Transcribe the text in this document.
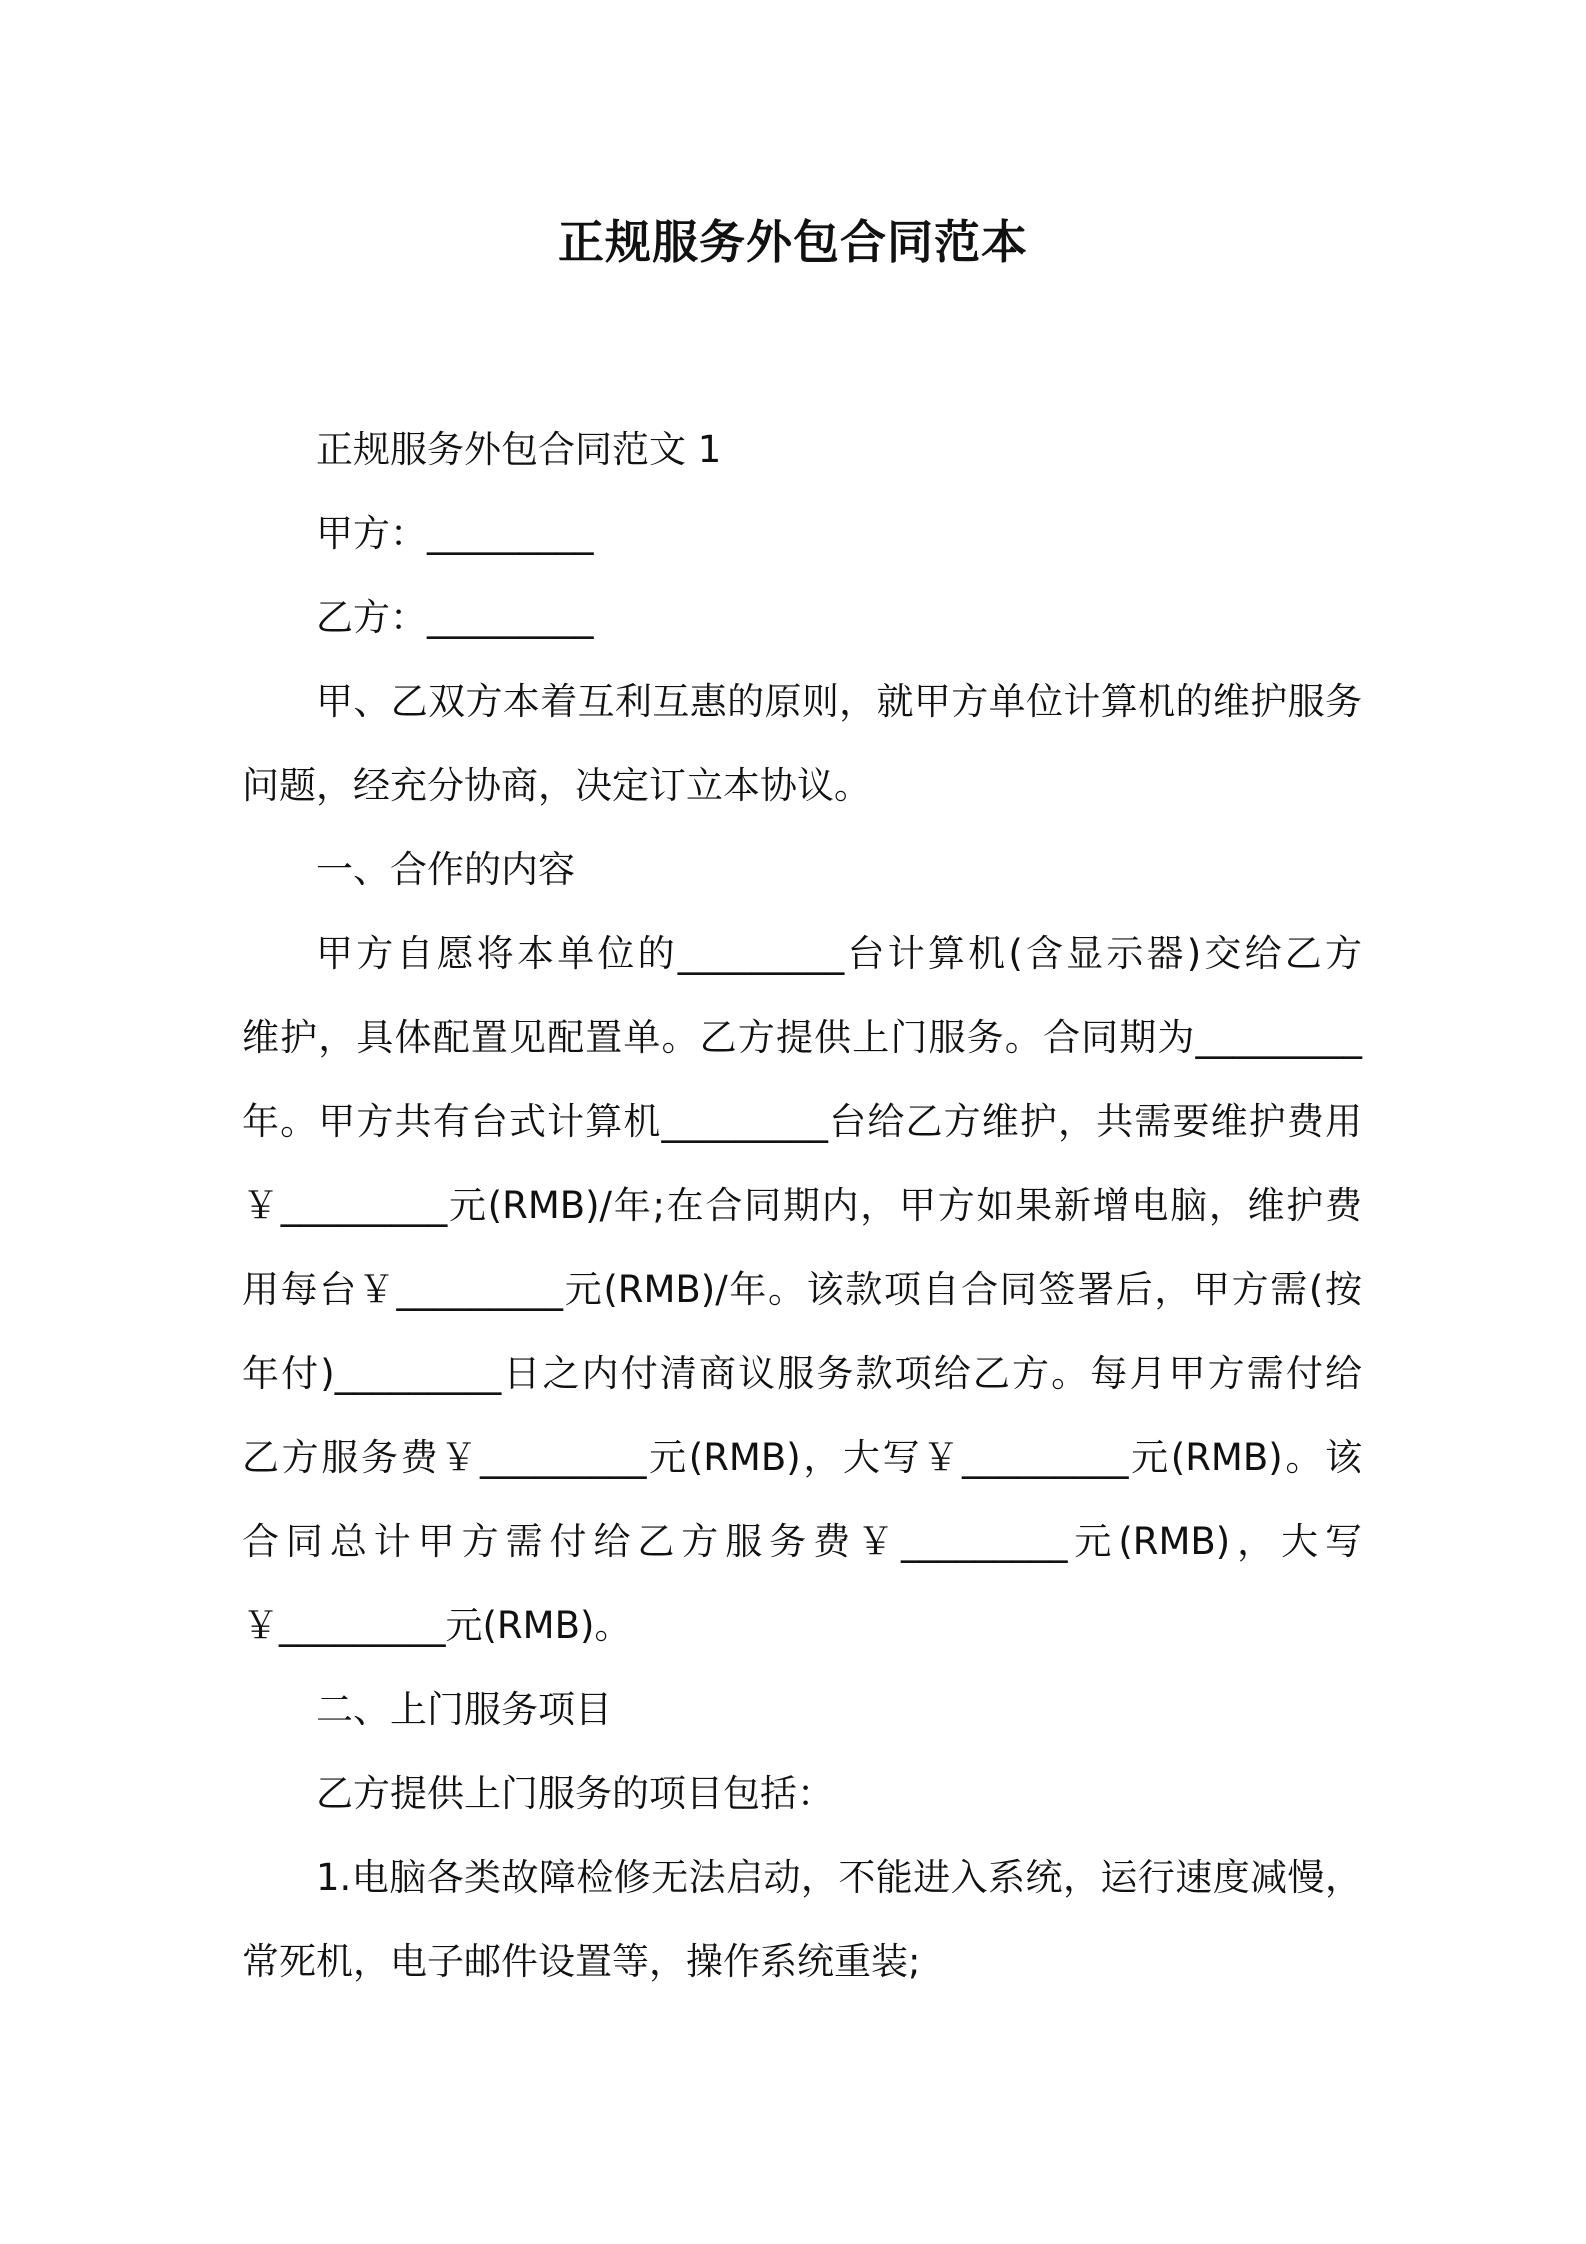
正规服务外包合同范本
正规服务外包合同范文 1
甲方：_________
乙方：_________
甲、乙双方本着互利互惠的原则，就甲方单位计算机的维护服务
问题，经充分协商，决定订立本协议。
一、合作的内容
甲方自愿将本单位的_________台计算机(含显示器)交给乙方
维护，具体配置见配置单。乙方提供上门服务。合同期为_________
年。甲方共有台式计算机_________台给乙方维护，共需要维护费用
￥_________元(RMB)/年;在合同期内，甲方如果新增电脑，维护费
用每台￥_________元(RMB)/年。该款项自合同签署后，甲方需(按
年付)_________日之内付清商议服务款项给乙方。每月甲方需付给
乙方服务费￥_________元(RMB)，大写￥_________元(RMB)。该
合同总计甲方需付给乙方服务费￥_________元(RMB)，大写
￥_________元(RMB)。
二、上门服务项目
乙方提供上门服务的项目包括：
1.电脑各类故障检修无法启动，不能进入系统，运行速度减慢，
常死机，电子邮件设置等，操作系统重装;
